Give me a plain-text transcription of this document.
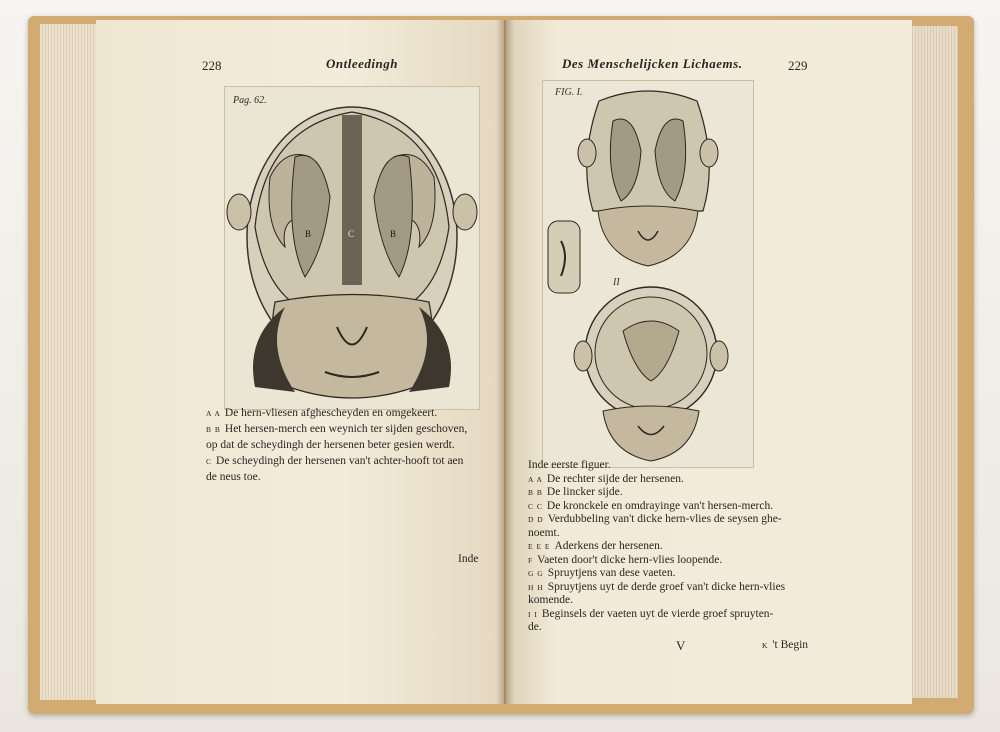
228	Ontleedingh
Pag. 62.
B	C	B
A A De hern-vliesen afghescheyden en omgekeert.
B B Het hersen-merch een weynich ter sijden geschoven,
op dat de scheydingh der hersenen beter gesien werdt.
C De scheydingh der hersenen van't achter-hooft tot aen
de neus toe.
Inde
Des Menschelijcken Lichaems.	229
FIG. I.
II
Inde eerste figuer.
A A De rechter sijde der hersenen.
B B De lincker sijde.
C C De kronckele en omdrayinge van't hersen-merch.
D D Verdubbeling van't dicke hern-vlies de seysen ghe-
noemt.
E E E Aderkens der hersenen.
F Vaeten door't dicke hern-vlies loopende.
G G Spruytjens van dese vaeten.
H H Spruytjens uyt de derde groef van't dicke hern-vlies
komende.
I I Beginsels der vaeten uyt de vierde groef spruyten-
de.
V	K 't Begin
